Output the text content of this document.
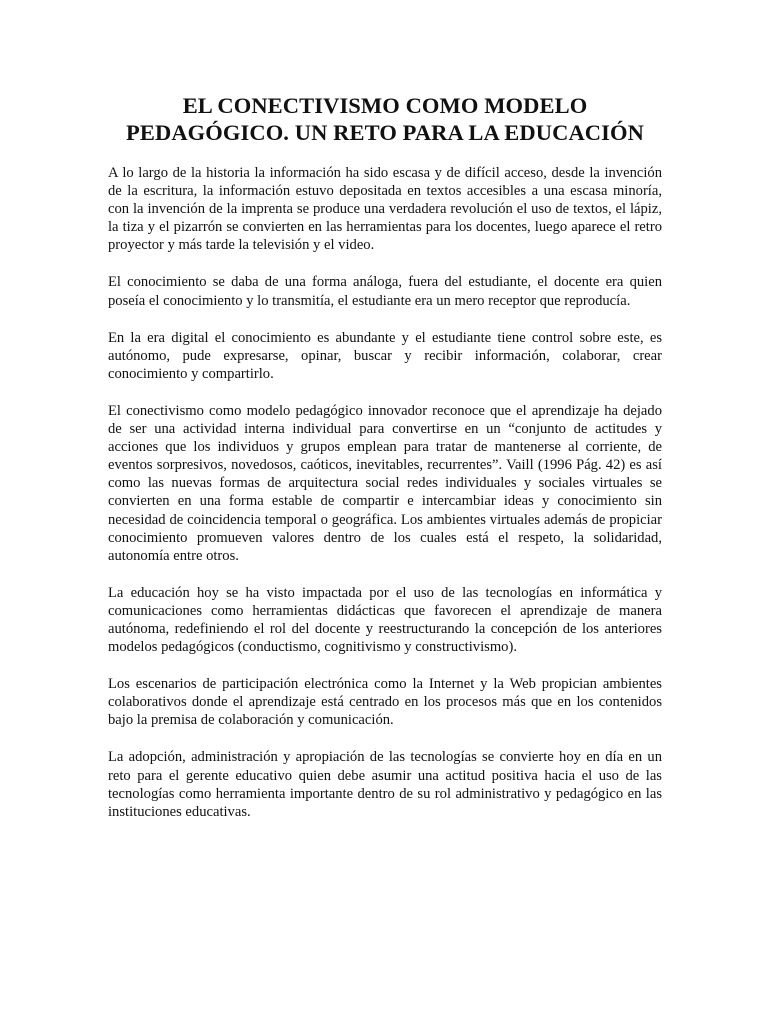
EL CONECTIVISMO COMO MODELO
PEDAGÓGICO. UN RETO PARA LA EDUCACIÓN

A lo largo de la historia la información ha sido escasa y de difícil acceso, desde la invención de la escritura, la información estuvo depositada en textos accesibles a una escasa minoría, con la invención de la imprenta se produce una verdadera revolución el uso de textos, el lápiz, la tiza y el pizarrón se convierten en las herramientas para los docentes, luego aparece el retro proyector y más tarde la televisión y el video.

El conocimiento se daba de una forma análoga, fuera del estudiante, el docente era quien poseía el conocimiento y lo transmitía, el estudiante era un mero receptor que reproducía.

En la era digital el conocimiento es abundante y el estudiante tiene control sobre este, es autónomo, pude expresarse, opinar, buscar y recibir información, colaborar, crear conocimiento y compartirlo.

El conectivismo como modelo pedagógico innovador reconoce que el aprendizaje ha dejado de ser una actividad interna individual para convertirse en un “conjunto de actitudes y acciones que los individuos y grupos emplean para tratar de mantenerse al corriente, de eventos sorpresivos, novedosos, caóticos, inevitables, recurrentes”. Vaill (1996 Pág. 42) es así como las nuevas formas de arquitectura social redes individuales y sociales virtuales se convierten en una forma estable de compartir e intercambiar ideas y conocimiento sin necesidad de coincidencia temporal o geográfica. Los ambientes virtuales además de propiciar conocimiento promueven valores dentro de los cuales está el respeto, la solidaridad, autonomía entre otros.

La educación hoy se ha visto impactada por el uso de las tecnologías en informática y comunicaciones como herramientas didácticas que favorecen el aprendizaje de manera autónoma, redefiniendo el rol del docente y reestructurando la concepción de los anteriores modelos pedagógicos (conductismo, cognitivismo y constructivismo).

Los escenarios de participación electrónica como la Internet y la Web propician ambientes colaborativos donde el aprendizaje está centrado en los procesos más que en los contenidos bajo la premisa de colaboración y comunicación.

La adopción, administración y apropiación de las tecnologías se convierte hoy en día en un reto para el gerente educativo quien debe asumir una actitud positiva hacia el uso de las tecnologías como herramienta importante dentro de su rol administrativo y pedagógico en las instituciones educativas.
